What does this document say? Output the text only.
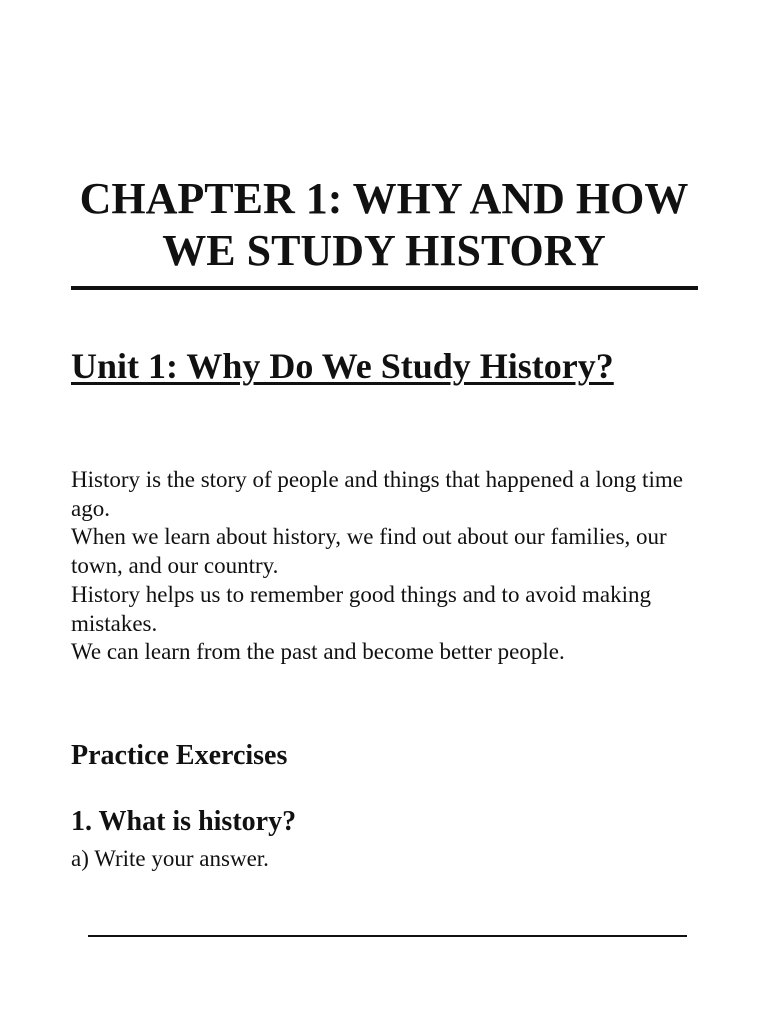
CHAPTER 1: WHY AND HOW WE STUDY HISTORY
Unit 1: Why Do We Study History?

History is the story of people and things that happened a long time ago.

When we learn about history, we find out about our families, our town, and our country.

History helps us to remember good things and to avoid making mistakes.

We can learn from the past and become better people.

Practice Exercises
1. What is history?

a) Write your answer.
